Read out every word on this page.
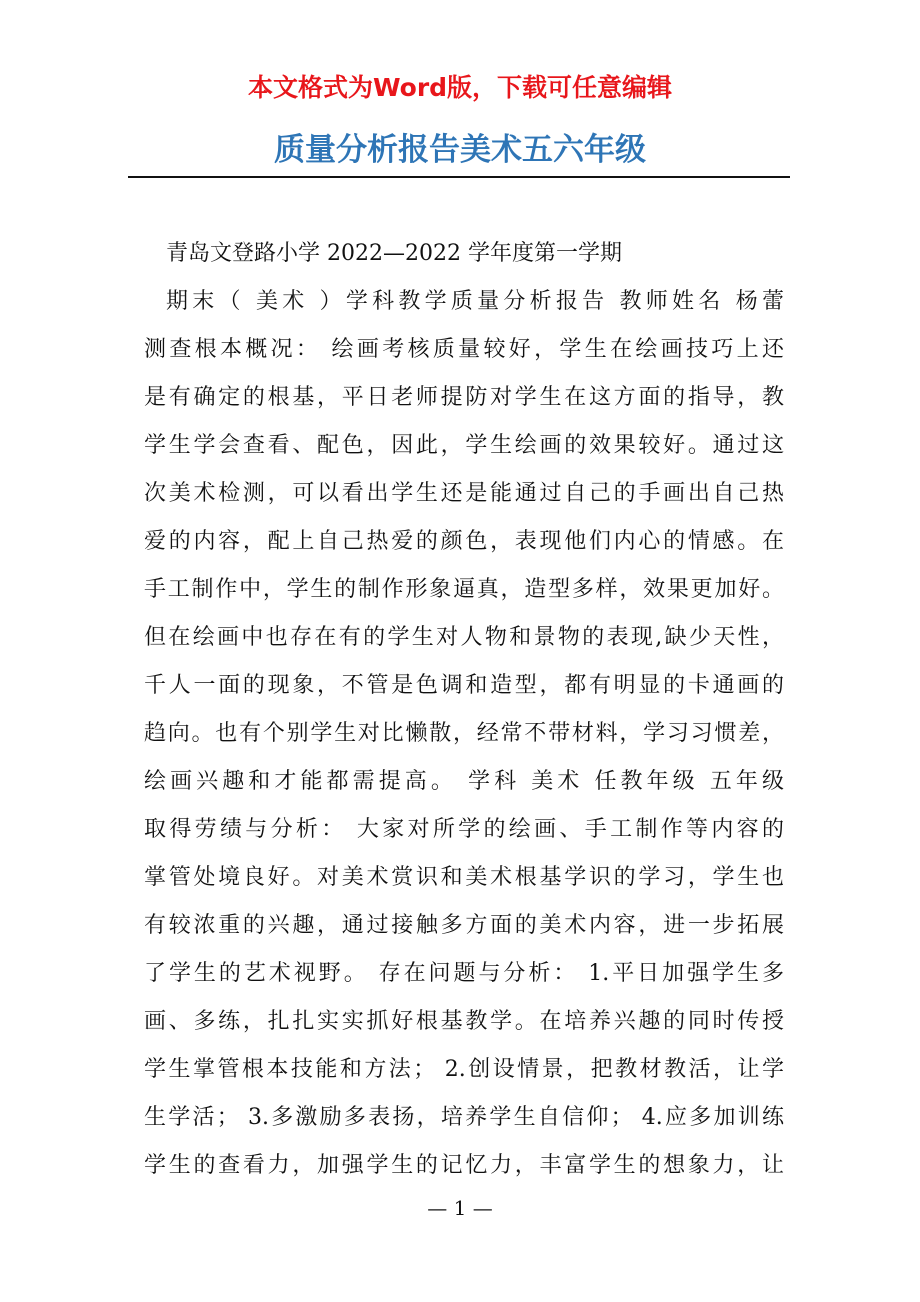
本文格式为Word版，下载可任意编辑
质量分析报告美术五六年级
青岛文登路小学 2022—2022 学年度第一学期
期末（ 美术 ）学科教学质量分析报告 教师姓名 杨蕾
测查根本概况： 绘画考核质量较好，学生在绘画技巧上还
是有确定的根基，平日老师提防对学生在这方面的指导，教
学生学会查看、配色，因此，学生绘画的效果较好。通过这
次美术检测，可以看出学生还是能通过自己的手画出自己热
爱的内容，配上自己热爱的颜色，表现他们内心的情感。在
手工制作中，学生的制作形象逼真，造型多样，效果更加好。
但在绘画中也存在有的学生对人物和景物的表现,缺少天性，
千人一面的现象，不管是色调和造型，都有明显的卡通画的
趋向。也有个别学生对比懒散，经常不带材料，学习习惯差，
绘画兴趣和才能都需提高。 学科 美术 任教年级 五年级
取得劳绩与分析： 大家对所学的绘画、手工制作等内容的
掌管处境良好。对美术赏识和美术根基学识的学习，学生也
有较浓重的兴趣，通过接触多方面的美术内容，进一步拓展
了学生的艺术视野。 存在问题与分析： 1.平日加强学生多
画、多练，扎扎实实抓好根基教学。在培养兴趣的同时传授
学生掌管根本技能和方法； 2.创设情景，把教材教活，让学
生学活； 3.多激励多表扬，培养学生自信仰； 4.应多加训练
学生的查看力，加强学生的记忆力，丰富学生的想象力，让
— 1 —
